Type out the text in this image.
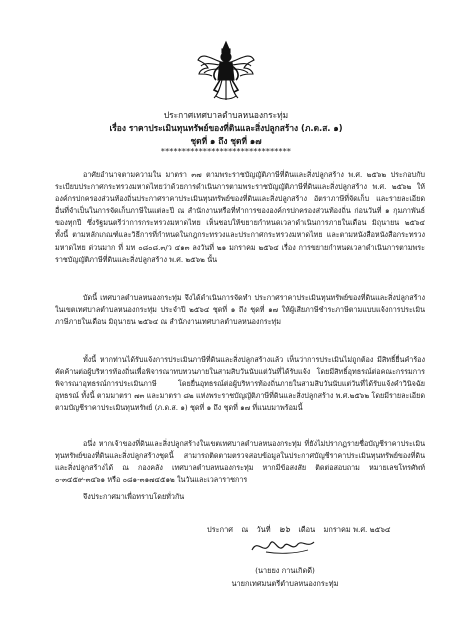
ประกาศเทศบาลตำบลหนองกระทุ่ม
เรื่อง ราคาประเมินทุนทรัพย์ของที่ดินและสิ่งปลูกสร้าง (ภ.ด.ส. ๑)
ชุดที่ ๑ ถึง ชุดที่ ๑๗
*******************************
อาศัยอำนาจตามความใน มาตรา ๓๗ ตามพระราชบัญญัติภาษีที่ดินและสิ่งปลูกสร้าง พ.ศ. ๒๕๖๒ ประกอบกับระเบียบประกาศกระทรวงมหาดไทยว่าด้วยการดำเนินการตามพระราชบัญญัติภาษีที่ดินและสิ่งปลูกสร้าง พ.ศ. ๒๕๖๒ ให้องค์กรปกครองส่วนท้องถิ่นประกาศราคาประเมินทุนทรัพย์ของที่ดินและสิ่งปลูกสร้าง อัตราภาษีที่จัดเก็บ และรายละเอียดอื่นที่จำเป็นในการจัดเก็บภาษีในแต่ละปี ณ สำนักงานหรือที่ทำการขององค์กรปกครองส่วนท้องถิ่น ก่อนวันที่ ๑ กุมภาพันธ์ของทุกปี ซึ่งรัฐมนตรีว่าการกระทรวงมหาดไทย เห็นชอบให้ขยายกำหนดเวลาดำเนินการภายในเดือน มิถุนายน ๒๕๖๔ ทั้งนี้ ตามหลักเกณฑ์และวิธีการที่กำหนดในกฎกระทรวงและประกาศกระทรวงมหาดไทย และตามหนังสือหนังสือกระทรวงมหาดไทย ด่วนมาก ที่ มท ๐๘๐๘.๓/ว ๔๑๓ ลงวันที่ ๒๑ มกราคม ๒๕๖๔ เรื่อง การขยายกำหนดเวลาดำเนินการตามพระราชบัญญัติภาษีที่ดินและสิ่งปลูกสร้าง พ.ศ. ๒๕๖๒ นั้น
บัดนี้ เทศบาลตำบลหนองกระทุ่ม จึงได้ดำเนินการจัดทำ ประกาศราคาประเมินทุนทรัพย์ของที่ดินและสิ่งปลูกสร้าง ในเขตเทศบาลตำบลหนองกระทุ่ม ประจำปี ๒๕๖๔ ชุดที่ ๑ ถึง ชุดที่ ๑๗ ให้ผู้เสียภาษีชำระภาษีตามแบบแจ้งการประเมินภาษีภายในเดือน มิถุนายน ๒๕๖๔ ณ สำนักงานเทศบาลตำบลหนองกระทุ่ม
ทั้งนี้ หากท่านได้รับแจ้งการประเมินภาษีที่ดินและสิ่งปลูกสร้างแล้ว เห็นว่าการประเมินไม่ถูกต้อง มีสิทธิ์ยื่นคำร้องคัดค้านต่อผู้บริหารท้องถิ่นเพื่อพิจารณาทบทวนภายในสามสิบวันนับแต่วันที่ได้รับแจ้ง โดยมีสิทธิ์อุทธรณ์ต่อคณะกรรมการพิจารณาอุทธรณ์การประเมินภาษี โดยยื่นอุทธรณ์ต่อผู้บริหารท้องถิ่นภายในสามสิบวันนับแต่วันที่ได้รับแจ้งคำวินิจฉัยอุทธรณ์ ทั้งนี้ ตามมาตรา ๗๓ และมาตรา ๘๒ แห่งพระราชบัญญัติภาษีที่ดินและสิ่งปลูกสร้าง พ.ศ.๒๕๖๒ โดยมีรายละเอียดตามบัญชีราคาประเมินทุนทรัพย์ (ภ.ด.ส. ๑) ชุดที่ ๑ ถึง ชุดที่ ๑๗ ที่แนบมาพร้อมนี้
อนึ่ง หากเจ้าของที่ดินและสิ่งปลูกสร้างในเขตเทศบาลตำบลหนองกระทุ่ม ที่ยังไม่ปรากฏรายชื่อบัญชีราคาประเมินทุนทรัพย์ของที่ดินและสิ่งปลูกสร้างชุดนี้ สามารถติดตามตรวจสอบข้อมูลในประกาศบัญชีราคาประเมินทุนทรัพย์ของที่ดินและสิ่งปลูกสร้างได้ ณ กองคลัง เทศบาลตำบลหนองกระทุ่ม หากมีข้อสงสัย ติดต่อสอบถาม หมายเลขโทรศัพท์ ๐-๓๔๕๙-๓๔๖๑ หรือ ๐๘๑-๓๑๗๔๕๑๒ ในวันและเวลาราชการ
จึงประกาศมาเพื่อทราบโดยทั่วกัน
ประกาศ ณ วันที่ ๒๖ เดือน มกราคม พ.ศ. ๒๕๖๔
(นายยง กานเกิดดี)
นายกเทศมนตรีตำบลหนองกระทุ่ม
